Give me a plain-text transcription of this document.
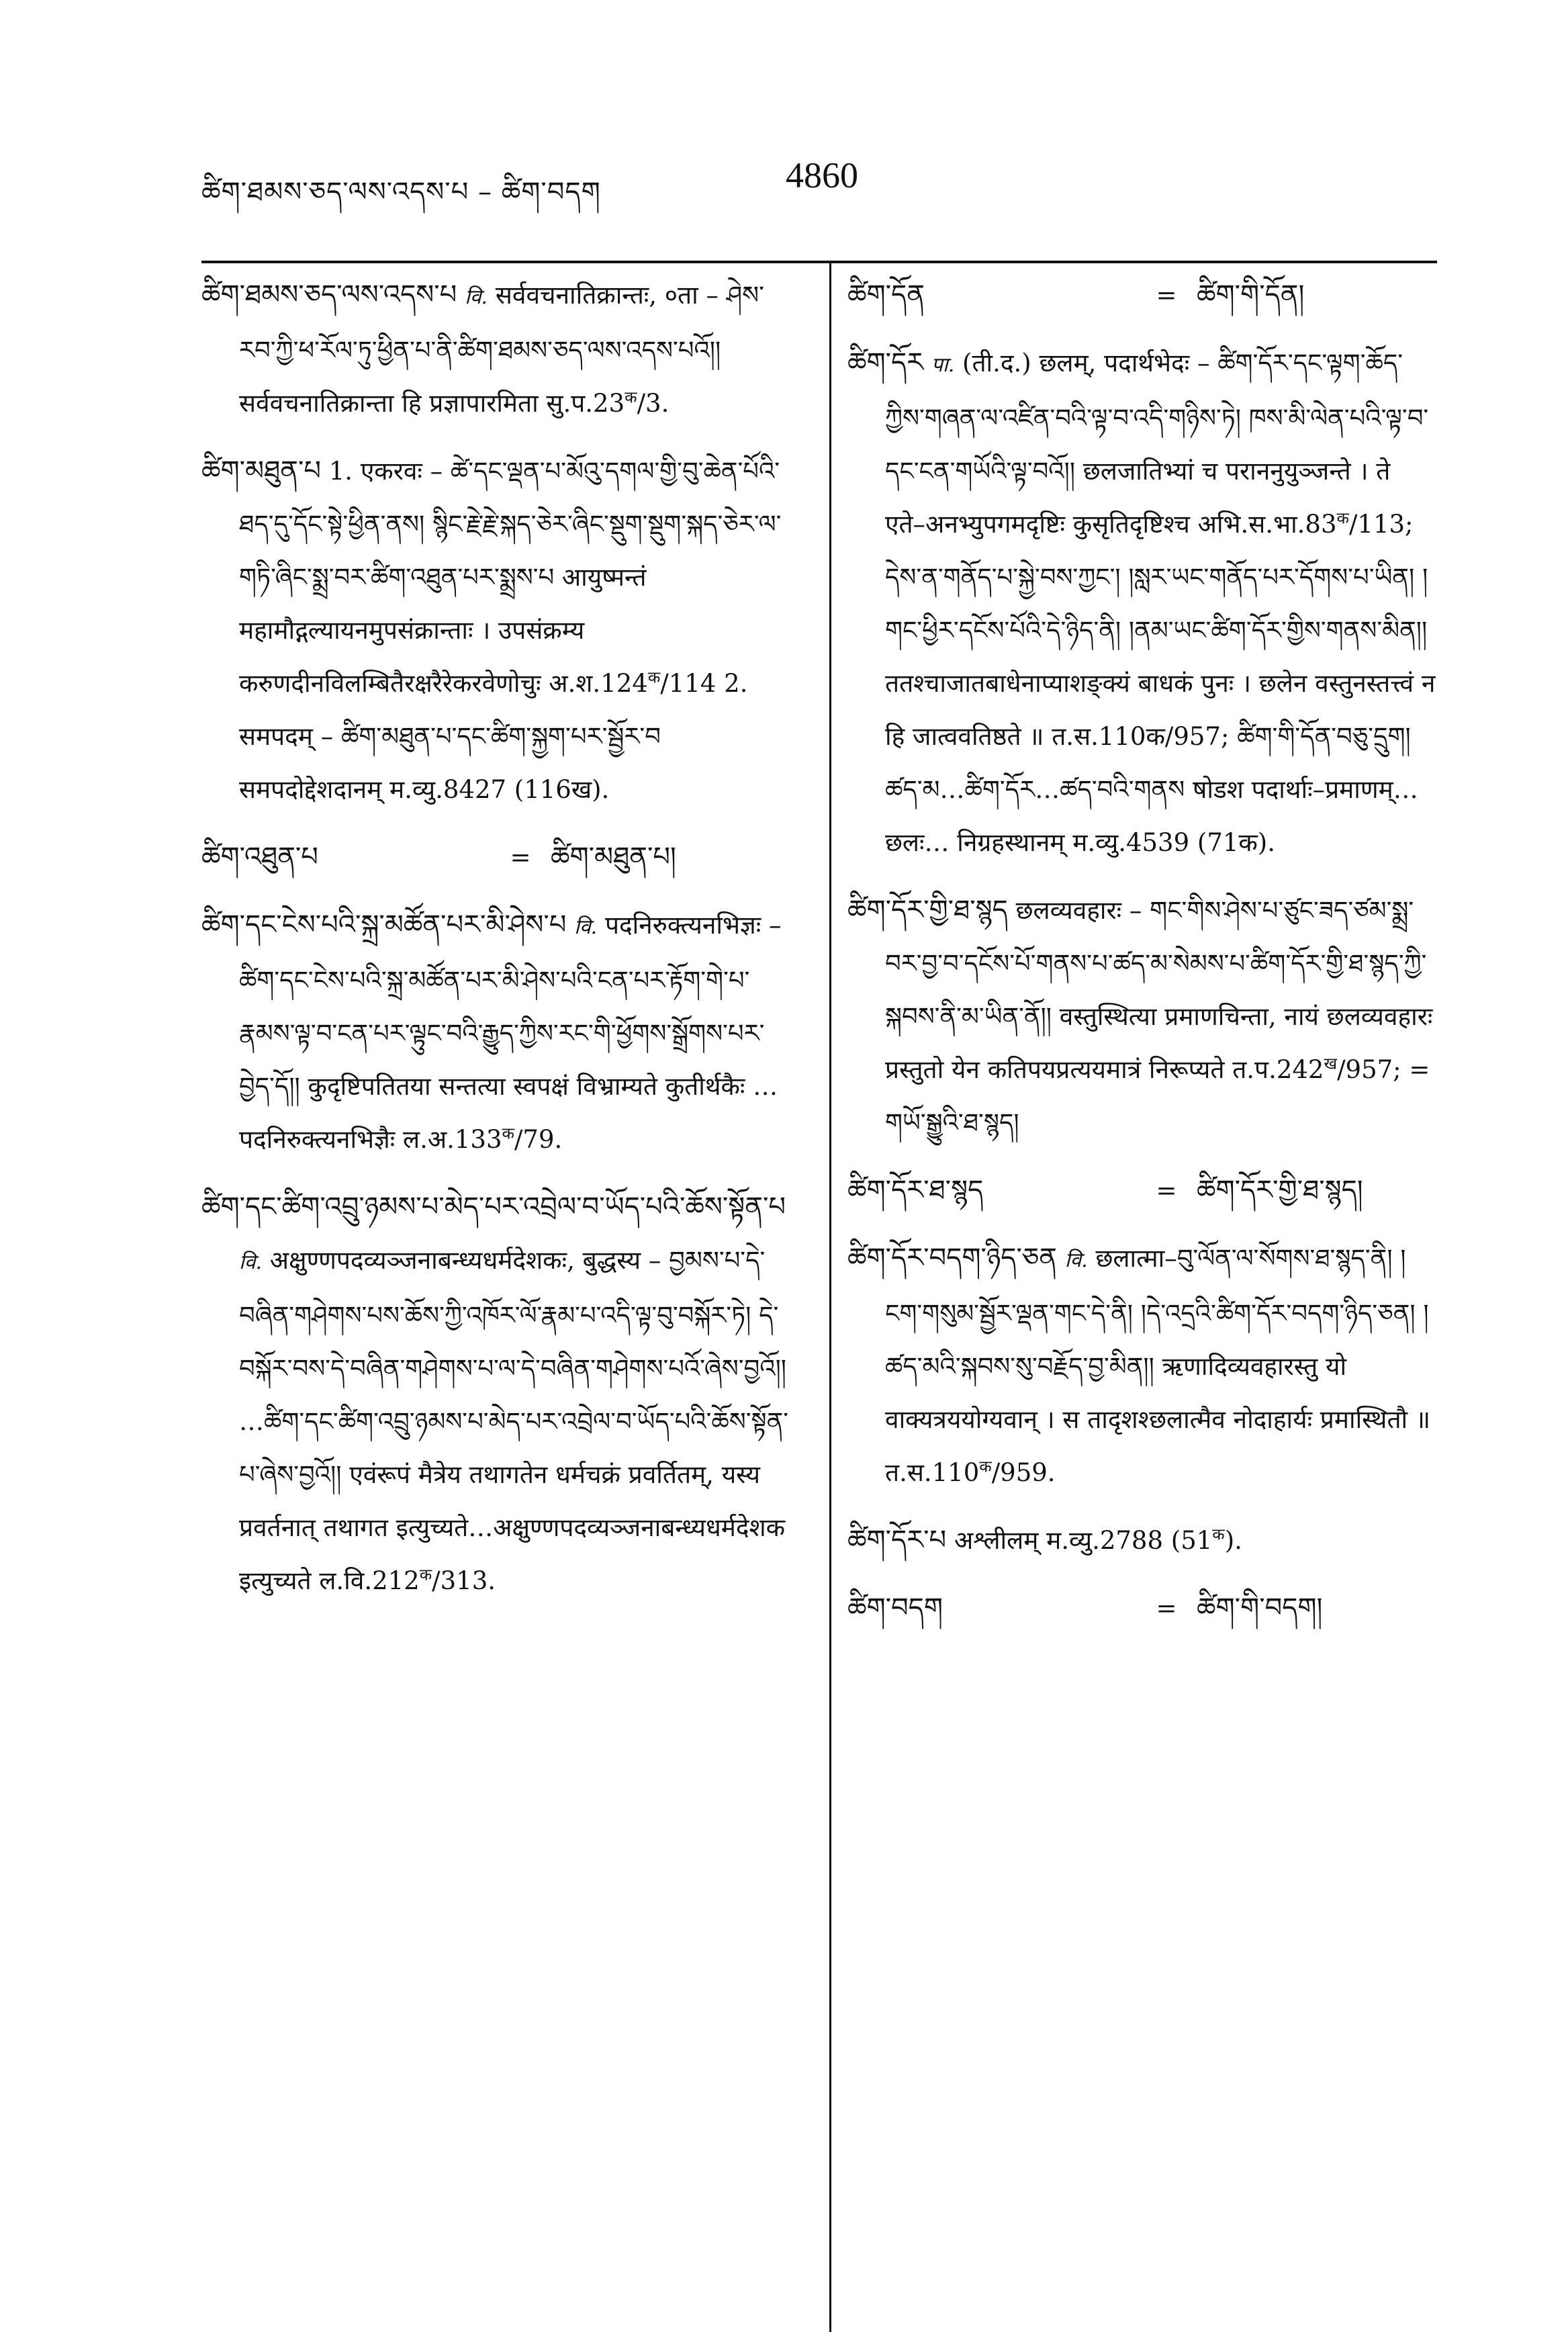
ཚིག་ཐམས་ཅད་ལས་འདས་པ – ཚིག་བདག	4860
ཚིག་ཐམས་ཅད་ལས་འདས་པ वि. सर्ववचनातिक्रान्तः, ०ता – ཤེས་རབ་ཀྱི་ཕ་རོལ་ཏུ་ཕྱིན་པ་ནི་ཚིག་ཐམས་ཅད་ལས་འདས་པའོ།། सर्ववचनातिक्रान्ता हि प्रज्ञापारमिता $सु.प.23^क/3$.
ཚིག་མཐུན་པ 1. एकरवः – ཚེ་དང་ལྡན་པ་མོའུ་དགལ་གྱི་བུ་ཆེན་པོའི་ཐད་དུ་དོང་སྟེ་ཕྱིན་ནས། སྙིང་རྗེ་རྗེ་སྐད་ཅེར་ཞིང་སྡུག་སྡུག་སྐད་ཅེར་ལ་གཏི་ཞིང་སྨྲ་བར་ཚིག་འཐུན་པར་སྨྲས་པ आयुष्मन्तं महामौद्गल्यायनमुपसंक्रान्ताः । उपसंक्रम्य करुणदीनविलम्बितैरक्षरैरेकरवेणोचुः $अ.श.124^क/114$ 2. समपदम् – ཚིག་མཐུན་པ་དང་ཚིག་སྐྱག་པར་སྦྱོར་བ समपदोद्देशदानम् म.व्यु.8427 (116ख).
ཚིག་འཐུན་པ	= ཚིག་མཐུན་པ།
ཚིག་དང་ངེས་པའི་སྐྲ་མཚོན་པར་མི་ཤེས་པ वि. पदनिरुक्त्यनभिज्ञः – ཚིག་དང་ངེས་པའི་སྐྲ་མཚོན་པར་མི་ཤེས་པའི་ངན་པར་རྟོག་གེ་པ་རྣམས་ལྟ་བ་ངན་པར་ལྟུང་བའི་རྒྱུད་ཀྱིས་རང་གི་ཕྱོགས་སྒྲོགས་པར་བྱེད་དོ།། कुदृष्टिपतितया सन्तत्या स्वपक्षं विभ्राम्यते कुतीर्थकैः …पदनिरुक्त्यनभिज्ञैः $ल.अ.133^क/79$.
ཚིག་དང་ཚིག་འབྲུ་ཉམས་པ་མེད་པར་འབྲེལ་བ་ཡོད་པའི་ཆོས་སྟོན་པ वि. अक्षुण्णपदव्यञ्जनाबन्ध्यधर्मदेशकः, बुद्धस्य – བྱམས་པ་དེ་བཞིན་གཤེགས་པས་ཆོས་ཀྱི་འཁོར་ལོ་རྣམ་པ་འདི་ལྟ་བུ་བསྐོར་ཏེ། དེ་བསྐོར་བས་དེ་བཞིན་གཤེགས་པ་ལ་དེ་བཞིན་གཤེགས་པའོ་ཞེས་བྱའོ།། …ཚིག་དང་ཚིག་འབྲུ་ཉམས་པ་མེད་པར་འབྲེལ་བ་ཡོད་པའི་ཆོས་སྟོན་པ་ཞེས་བྱའོ།། एवंरूपं मैत्रेय तथागतेन धर्मचक्रं प्रवर्तितम्, यस्य प्रवर्तनात् तथागत इत्युच्यते…अक्षुण्णपदव्यञ्जनाबन्ध्यधर्मदेशक इत्युच्यते $ल.वि.212^क/313$.
ཚིག་དོན	= ཚིག་གི་དོན།
ཚིག་དོར पा. (ती.द.) छलम्, पदार्थभेदः – ཚིག་དོར་དང་ལྟག་ཆོད་ཀྱིས་གཞན་ལ་འཛིན་བའི་ལྟ་བ་འདི་གཉིས་ཏེ། ཁས་མི་ལེན་པའི་ལྟ་བ་དང་ངན་གཡོའི་ལྟ་བའོ།། छलजातिभ्यां च पराननुयुञ्जन्ते । ते एते–अनभ्युपगमदृष्टिः कुसृतिदृष्टिश्च $अभि.स.भा.83^क/113$; དེས་ན་གནོད་པ་སྐྱེ་བས་ཀྱང་། །སླར་ཡང་གནོད་པར་དོགས་པ་ཡིན། །གང་ཕྱིར་དངོས་པོའི་དེ་ཉིད་ནི། །ནམ་ཡང་ཚིག་དོར་གྱིས་གནས་མིན།། ततश्चाजातबाधेनाप्याशङ्क्यं बाधकं पुनः । छलेन वस्तुनस्तत्त्वं न हि जात्ववतिष्ठते ॥ त.स.110क/957; ཚིག་གི་དོན་བཅུ་དྲུག། ཚད་མ…ཚིག་དོར…ཚད་བའི་གནས षोडश पदार्थाः–प्रमाणम्… छलः… निग्रहस्थानम् म.व्यु.4539 (71क).
ཚིག་དོར་གྱི་ཐ་སྙད छलव्यवहारः – གང་གིས་ཤེས་པ་ཙུང་ཟད་ཙམ་སྨྲ་བར་བྱ་བ་དངོས་པོ་གནས་པ་ཚད་མ་སེམས་པ་ཚིག་དོར་གྱི་ཐ་སྙད་ཀྱི་སྐབས་ནི་མ་ཡིན་ནོ།། वस्तुस्थित्या प्रमाणचिन्ता, नायं छलव्यवहारः प्रस्तुतो येन कतिपयप्रत्ययमात्रं निरूप्यते $त.प.242^ख/957$; = གཡོ་སྒྱུའི་ཐ་སྙད།
ཚིག་དོར་ཐ་སྙད	= ཚིག་དོར་གྱི་ཐ་སྙད།
ཚིག་དོར་བདག་ཉིད་ཅན वि. छलात्मा–བུ་ལོན་ལ་སོགས་ཐ་སྙད་ནི། །ངག་གསུམ་སྦྱོར་ལྡན་གང་དེ་ནི། །དེ་འདྲའི་ཚིག་དོར་བདག་ཉིད་ཅན། །ཚད་མའི་སྐབས་སུ་བརྗོད་བྱ་མིན།། ऋणादिव्यवहारस्तु यो वाक्यत्रययोग्यवान् । स तादृशश्छलात्मैव नोदाहार्यः प्रमास्थितौ ॥ $त.स.110^क/959$.
ཚིག་དོར་པ अश्लीलम् म.व्यु.2788 $(51^क)$.
ཚིག་བདག	= ཚིག་གི་བདག།
